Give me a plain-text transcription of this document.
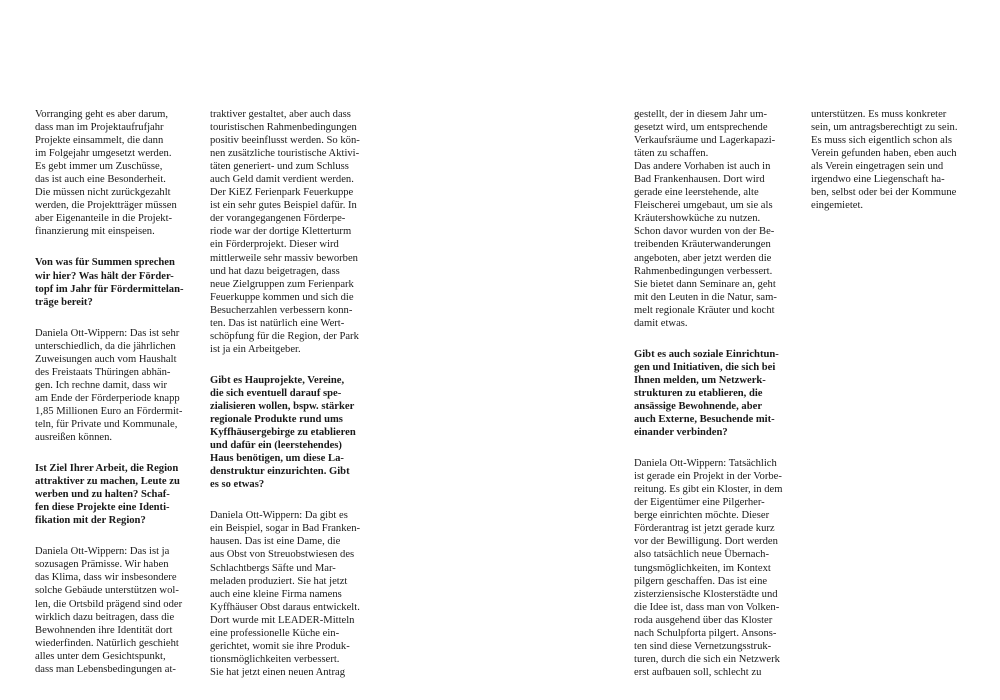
Vorranging geht es aber darum,
dass man im Projektaufrufjahr
Projekte einsammelt, die dann
im Folgejahr umgesetzt werden.
Es gebt immer um Zuschüsse,
das ist auch eine Besonderheit.
Die müssen nicht zurückgezahlt
werden, die Projektträger müssen
aber Eigenanteile in die Projekt-
finanzierung mit einspeisen.
Von was für Summen sprechen
wir hier? Was hält der Förder-
topf im Jahr für Fördermittelan-
träge bereit?
Daniela Ott-Wippern: Das ist sehr
unterschiedlich, da die jährlichen
Zuweisungen auch vom Haushalt
des Freistaats Thüringen abhän-
gen. Ich rechne damit, dass wir
am Ende der Förderperiode knapp
1,85 Millionen Euro an Fördermit-
teln, für Private und Kommunale,
ausreißen können.
Ist Ziel Ihrer Arbeit, die Region
attraktiver zu machen, Leute zu
werben und zu halten? Schaf-
fen diese Projekte eine Identi-
fikation mit der Region?
Daniela Ott-Wippern: Das ist ja
sozusagen Prämisse. Wir haben
das Klima, dass wir insbesondere
solche Gebäude unterstützen wol-
len, die Ortsbild prägend sind oder
wirklich dazu beitragen, dass die
Bewohnenden ihre Identität dort
wiederfinden. Natürlich geschieht
alles unter dem Gesichtspunkt,
dass man Lebensbedingungen at-
traktiver gestaltet, aber auch dass
touristischen Rahmenbedingungen
positiv beeinflusst werden. So kön-
nen zusätzliche touristische Aktivi-
täten generiert- und zum Schluss
auch Geld damit verdient werden.
Der KiEZ Ferienpark Feuerkuppe
ist ein sehr gutes Beispiel dafür. In
der vorangegangenen Förderpe-
riode war der dortige Kletterturm
ein Förderprojekt. Dieser wird
mittlerweile sehr massiv beworben
und hat dazu beigetragen, dass
neue Zielgruppen zum Ferienpark
Feuerkuppe kommen und sich die
Besucherzahlen verbessern konn-
ten. Das ist natürlich eine Wert-
schöpfung für die Region, der Park
ist ja ein Arbeitgeber.
Gibt es Hauprojekte, Vereine,
die sich eventuell darauf spe-
zialisieren wollen, bspw. stärker
regionale Produkte rund ums
Kyffhäusergebirge zu etablieren
und dafür ein (leerstehendes)
Haus benötigen, um diese La-
denstruktur einzurichten. Gibt
es so etwas?
Daniela Ott-Wippern: Da gibt es
ein Beispiel, sogar in Bad Franken-
hausen. Das ist eine Dame, die
aus Obst von Streuobstwiesen des
Schlachtbergs Säfte und Mar-
meladen produziert. Sie hat jetzt
auch eine kleine Firma namens
Kyffhäuser Obst daraus entwickelt.
Dort wurde mit LEADER-Mitteln
eine professionelle Küche ein-
gerichtet, womit sie ihre Produk-
tionsmöglichkeiten verbessert.
Sie hat jetzt einen neuen Antrag
gestellt, der in diesem Jahr um-
gesetzt wird, um entsprechende
Verkaufsräume und Lagerkapazi-
täten zu schaffen.
Das andere Vorhaben ist auch in
Bad Frankenhausen. Dort wird
gerade eine leerstehende, alte
Fleischerei umgebaut, um sie als
Kräutershowküche zu nutzen.
Schon davor wurden von der Be-
treibenden Kräuterwanderungen
angeboten, aber jetzt werden die
Rahmenbedingungen verbessert.
Sie bietet dann Seminare an, geht
mit den Leuten in die Natur, sam-
melt regionale Kräuter und kocht
damit etwas.
Gibt es auch soziale Einrichtun-
gen und Initiativen, die sich bei
Ihnen melden, um Netzwerk-
strukturen zu etablieren, die
ansässige Bewohnende, aber
auch Externe, Besuchende mit-
einander verbinden?
Daniela Ott-Wippern: Tatsächlich
ist gerade ein Projekt in der Vorbe-
reitung. Es gibt ein Kloster, in dem
der Eigentümer eine Pilgerher-
berge einrichten möchte. Dieser
Förderantrag ist jetzt gerade kurz
vor der Bewilligung. Dort werden
also tatsächlich neue Übernach-
tungsmöglichkeiten, im Kontext
pilgern geschaffen. Das ist eine
zisterziensische Klosterstädte und
die Idee ist, dass man von Volken-
roda ausgehend über das Kloster
nach Schulpforta pilgert. Ansons-
ten sind diese Vernetzungsstruk-
turen, durch die sich ein Netzwerk
erst aufbauen soll, schlecht zu
unterstützen. Es muss konkreter
sein, um antragsberechtigt zu sein.
Es muss sich eigentlich schon als
Verein gefunden haben, eben auch
als Verein eingetragen sein und
irgendwo eine Liegenschaft ha-
ben, selbst oder bei der Kommune
eingemietet.
